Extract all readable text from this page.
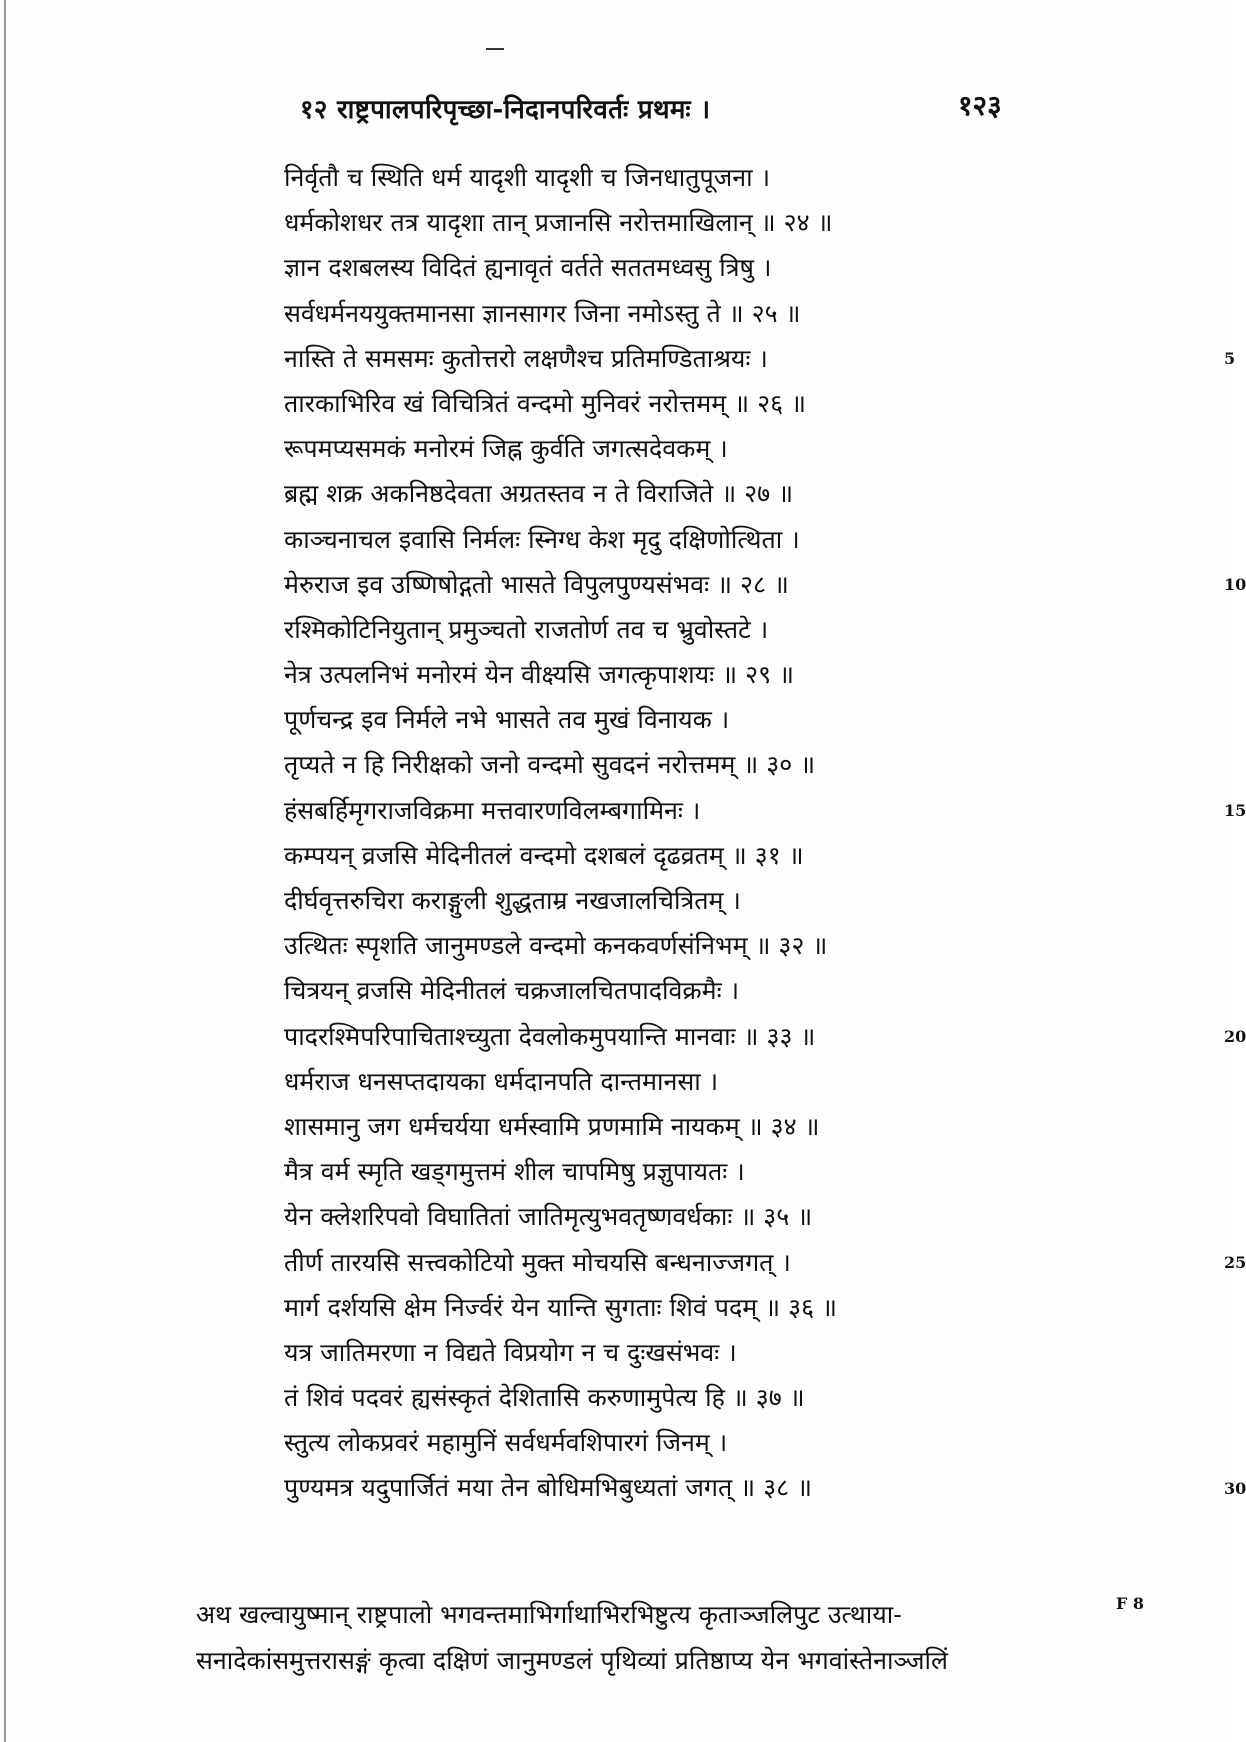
१२ राष्ट्रपालपरिपृच्छा-निदानपरिवर्तः प्रथमः ।	१२३
निर्वृतौ च स्थिति धर्म यादृशी यादृशी च जिनधातुपूजना ।
धर्मकोशधर तत्र यादृशा तान् प्रजानसि नरोत्तमाखिलान् ॥ २४ ॥
ज्ञान दशबलस्य विदितं ह्यनावृतं वर्तते सततमध्वसु त्रिषु ।
सर्वधर्मनययुक्तमानसा ज्ञानसागर जिना नमोऽस्तु ते ॥ २५ ॥
नास्ति ते समसमः कुतोत्तरो लक्षणैश्च प्रतिमण्डिताश्रयः ।
तारकाभिरिव खं विचित्रितं वन्दमो मुनिवरं नरोत्तमम् ॥ २६ ॥
रूपमप्यसमकं मनोरमं जिह्न कुर्वति जगत्सदेवकम् ।
ब्रह्म शक्र अकनिष्ठदेवता अग्रतस्तव न ते विराजिते ॥ २७ ॥
काञ्चनाचल इवासि निर्मलः स्निग्ध केश मृदु दक्षिणोत्थिता ।
मेरुराज इव उष्णिषोद्गतो भासते विपुलपुण्यसंभवः ॥ २८ ॥
रश्मिकोटिनियुतान् प्रमुञ्चतो राजतोर्ण तव च भ्रुवोस्तटे ।
नेत्र उत्पलनिभं मनोरमं येन वीक्ष्यसि जगत्कृपाशयः ॥ २९ ॥
पूर्णचन्द्र इव निर्मले नभे भासते तव मुखं विनायक ।
तृप्यते न हि निरीक्षको जनो वन्दमो सुवदनं नरोत्तमम् ॥ ३० ॥
हंसबर्हिमृगराजविक्रमा मत्तवारणविलम्बगामिनः ।
कम्पयन् व्रजसि मेदिनीतलं वन्दमो दशबलं दृढव्रतम् ॥ ३१ ॥
दीर्घवृत्तरुचिरा कराङ्गुली शुद्धताम्र नखजालचित्रितम् ।
उत्थितः स्पृशति जानुमण्डले वन्दमो कनकवर्णसंनिभम् ॥ ३२ ॥
चित्रयन् व्रजसि मेदिनीतलं चक्रजालचितपादविक्रमैः ।
पादरश्मिपरिपाचिताश्च्युता देवलोकमुपयान्ति मानवाः ॥ ३३ ॥
धर्मराज धनसप्तदायका धर्मदानपति दान्तमानसा ।
शासमानु जग धर्मचर्यया धर्मस्वामि प्रणमामि नायकम् ॥ ३४ ॥
मैत्र वर्म स्मृति खड्गमुत्तमं शील चापमिषु प्रज्ञुपायतः ।
येन क्लेशरिपवो विघातितां जातिमृत्युभवतृष्णवर्धकाः ॥ ३५ ॥
तीर्ण तारयसि सत्त्वकोटियो मुक्त मोचयसि बन्धनाज्जगत् ।
मार्ग दर्शयसि क्षेम निर्ज्वरं येन यान्ति सुगताः शिवं पदम् ॥ ३६ ॥
यत्र जातिमरणा न विद्यते विप्रयोग न च दुःखसंभवः ।
तं शिवं पदवरं ह्यसंस्कृतं देशितासि करुणामुपेत्य हि ॥ ३७ ॥
स्तुत्य लोकप्रवरं महामुनिं सर्वधर्मवशिपारगं जिनम् ।
पुण्यमत्र यदुपार्जितं मया तेन बोधिमभिबुध्यतां जगत् ॥ ३८ ॥
5
10
15
20
25
30
अथ खल्वायुष्मान् राष्ट्रपालो भगवन्तमाभिर्गाथाभिरभिष्टुत्य कृताञ्जलिपुट उत्थाया-
सनादेकांसमुत्तरासङ्गं कृत्वा दक्षिणं जानुमण्डलं पृथिव्यां प्रतिष्ठाप्य येन भगवांस्तेनाञ्जलिं
F 8
